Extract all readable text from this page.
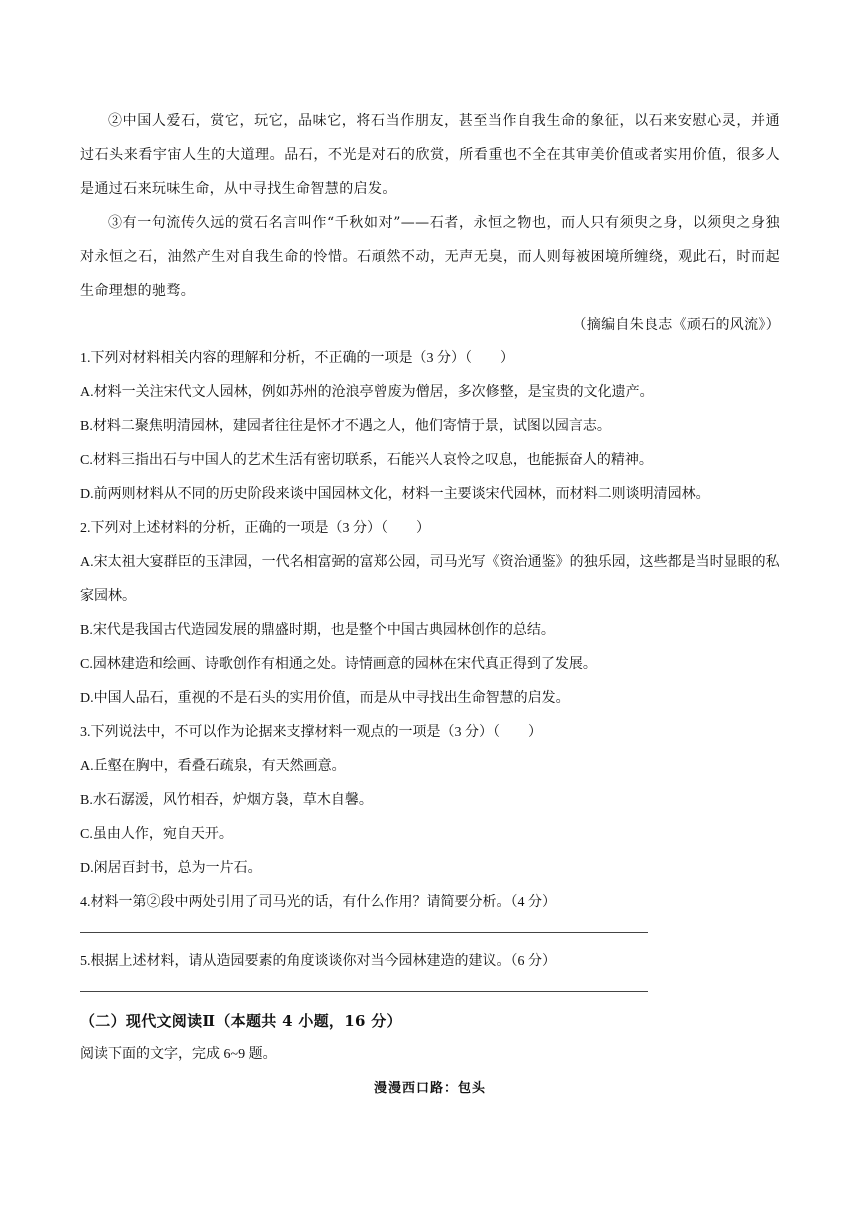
②中国人爱石，赏它，玩它，品味它，将石当作朋友，甚至当作自我生命的象征，以石来安慰心灵，并通过石头来看宇宙人生的大道理。品石，不光是对石的欣赏，所看重也不全在其审美价值或者实用价值，很多人是通过石来玩味生命，从中寻找生命智慧的启发。

③有一句流传久远的赏石名言叫作“千秋如对”——石者，永恒之物也，而人只有须臾之身，以须臾之身独对永恒之石，油然产生对自我生命的怜惜。石頑然不动，无声无臭，而人则每被困境所缠绕，观此石，时而起生命理想的驰骛。

（摘编自朱良志《顽石的风流》）

1.下列对材料相关内容的理解和分析，不正确的一项是（3 分）（　　）

A.材料一关注宋代文人园林，例如苏州的沧浪亭曾废为僧居，多次修整，是宝贵的文化遗产。

B.材料二聚焦明清园林，建园者往往是怀才不遇之人，他们寄情于景，试图以园言志。

C.材料三指出石与中国人的艺术生活有密切联系，石能兴人哀怜之叹息，也能振奋人的精神。

D.前两则材料从不同的历史阶段来谈中国园林文化，材料一主要谈宋代园林，而材料二则谈明清园林。

2.下列对上述材料的分析，正确的一项是（3 分）（　　）

A.宋太祖大宴群臣的玉津园，一代名相富弼的富郑公园，司马光写《资治通鉴》的独乐园，这些都是当时显眼的私家园林。

B.宋代是我国古代造园发展的鼎盛时期，也是整个中国古典园林创作的总结。

C.园林建造和绘画、诗歌创作有相通之处。诗情画意的园林在宋代真正得到了发展。

D.中国人品石，重视的不是石头的实用价值，而是从中寻找出生命智慧的启发。

3.下列说法中，不可以作为论据来支撑材料一观点的一项是（3 分）（　　）

A.丘壑在胸中，看叠石疏泉，有天然画意。

B.水石潺湲，风竹相吞，炉烟方袅，草木自馨。

C.虽由人作，宛自天开。

D.闲居百封书，总为一片石。

4.材料一第②段中两处引用了司马光的话，有什么作用？请简要分析。（4 分）

5.根据上述材料，请从造园要素的角度谈谈你对当今园林建造的建议。（6 分）

（二）现代文阅读Ⅱ（本题共 4 小题，16 分）

阅读下面的文字，完成 6~9 题。

漫漫西口路：包头
